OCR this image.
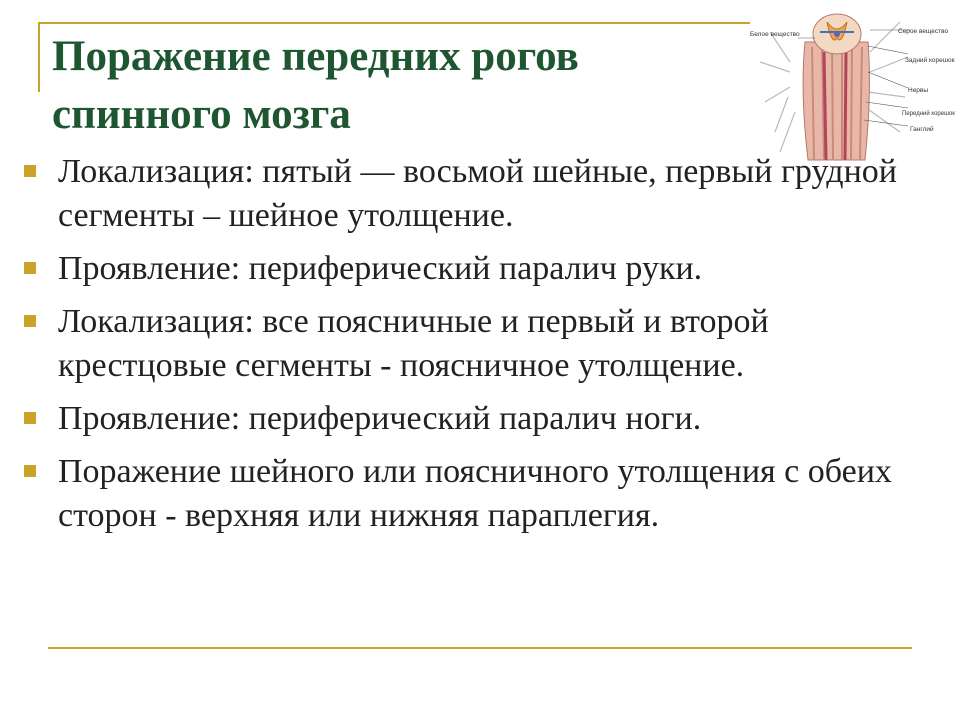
Поражение передних рогов
спинного мозга
Белое вещество	Серое вещество
Задний корешок
Нервы
Передний корешок
Ганглий
Локализация: пятый — восьмой шейные, первый грудной сегменты – шейное утолщение.
Проявление: периферический паралич руки.
Локализация: все поясничные и первый и второй крестцовые сегменты - поясничное утолщение.
Проявление: периферический паралич ноги.
Поражение шейного или поясничного утолщения с обеих сторон - верхняя или нижняя параплегия.
